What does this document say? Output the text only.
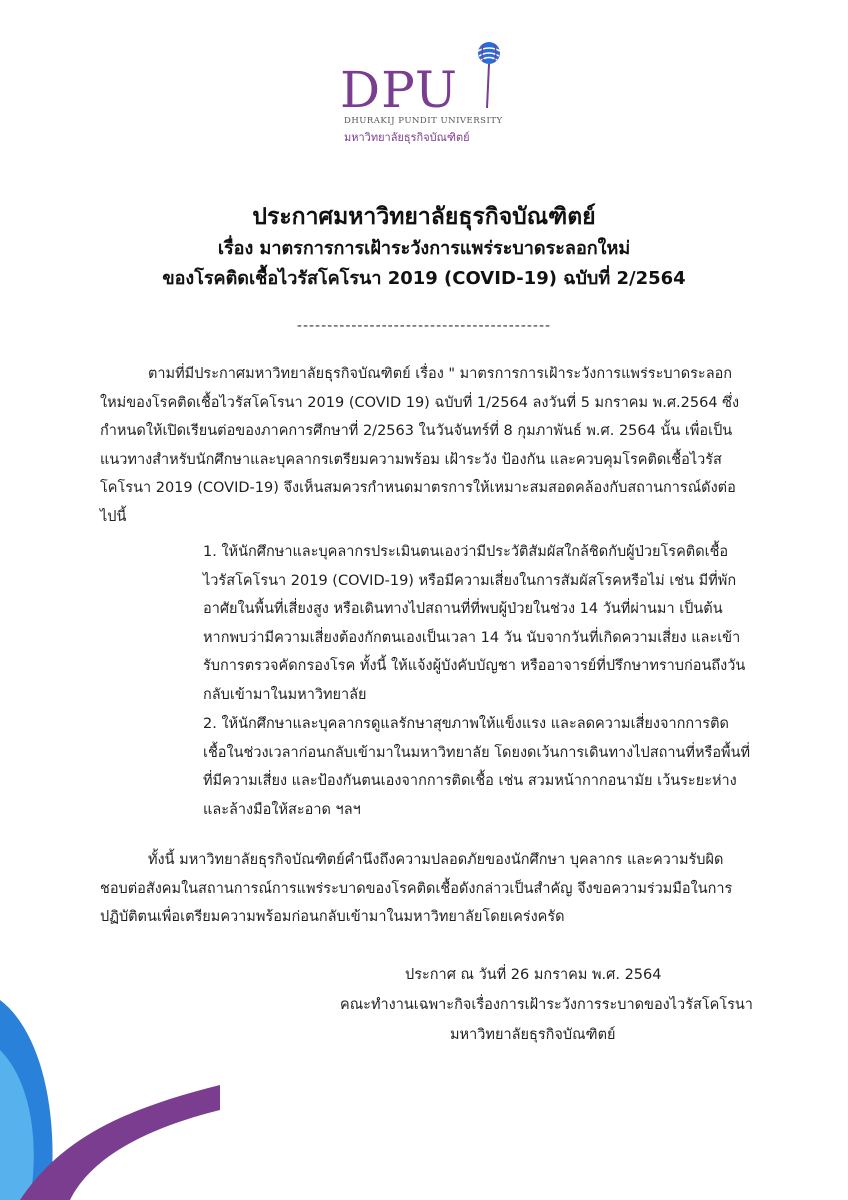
DPU
DHURAKIJ PUNDIT UNIVERSITY
มหาวิทยาลัยธุรกิจบัณฑิตย์
ประกาศมหาวิทยาลัยธุรกิจบัณฑิตย์
เรื่อง มาตรการการเฝ้าระวังการแพร่ระบาดระลอกใหม่
ของโรคติดเชื้อไวรัสโคโรนา 2019 (COVID-19) ฉบับที่ 2/2564
------------------------------------------
ตามที่มีประกาศมหาวิทยาลัยธุรกิจบัณฑิตย์ เรื่อง " มาตรการการเฝ้าระวังการแพร่ระบาดระลอกใหม่ของโรคติดเชื้อไวรัสโคโรนา 2019 (COVID 19) ฉบับที่ 1/2564 ลงวันที่ 5 มกราคม พ.ศ.2564 ซึ่งกำหนดให้เปิดเรียนต่อของภาคการศึกษาที่ 2/2563 ในวันจันทร์ที่ 8 กุมภาพันธ์ พ.ศ. 2564 นั้น เพื่อเป็นแนวทางสำหรับนักศึกษาและบุคลากรเตรียมความพร้อม เฝ้าระวัง ป้องกัน และควบคุมโรคติดเชื้อไวรัสโคโรนา 2019 (COVID-19) จึงเห็นสมควรกำหนดมาตรการให้เหมาะสมสอดคล้องกับสถานการณ์ดังต่อไปนี้
1. ให้นักศึกษาและบุคลากรประเมินตนเองว่ามีประวัติสัมผัสใกล้ชิดกับผู้ป่วยโรคติดเชื้อไวรัสโคโรนา 2019 (COVID-19) หรือมีความเสี่ยงในการสัมผัสโรคหรือไม่ เช่น มีที่พักอาศัยในพื้นที่เสี่ยงสูง หรือเดินทางไปสถานที่ที่พบผู้ป่วยในช่วง 14 วันที่ผ่านมา เป็นต้น หากพบว่ามีความเสี่ยงต้องกักตนเองเป็นเวลา 14 วัน นับจากวันที่เกิดความเสี่ยง และเข้ารับการตรวจคัดกรองโรค ทั้งนี้ ให้แจ้งผู้บังคับบัญชา หรืออาจารย์ที่ปรึกษาทราบก่อนถึงวันกลับเข้ามาในมหาวิทยาลัย
2. ให้นักศึกษาและบุคลากรดูแลรักษาสุขภาพให้แข็งแรง และลดความเสี่ยงจากการติดเชื้อในช่วงเวลาก่อนกลับเข้ามาในมหาวิทยาลัย โดยงดเว้นการเดินทางไปสถานที่หรือพื้นที่ที่มีความเสี่ยง และป้องกันตนเองจากการติดเชื้อ เช่น สวมหน้ากากอนามัย เว้นระยะห่าง และล้างมือให้สะอาด ฯลฯ
ทั้งนี้ มหาวิทยาลัยธุรกิจบัณฑิตย์คำนึงถึงความปลอดภัยของนักศึกษา บุคลากร และความรับผิดชอบต่อสังคมในสถานการณ์การแพร่ระบาดของโรคติดเชื้อดังกล่าวเป็นสำคัญ จึงขอความร่วมมือในการปฏิบัติตนเพื่อเตรียมความพร้อมก่อนกลับเข้ามาในมหาวิทยาลัยโดยเคร่งครัด
ประกาศ ณ วันที่ 26 มกราคม พ.ศ. 2564
คณะทำงานเฉพาะกิจเรื่องการเฝ้าระวังการระบาดของไวรัสโคโรนา
มหาวิทยาลัยธุรกิจบัณฑิตย์
